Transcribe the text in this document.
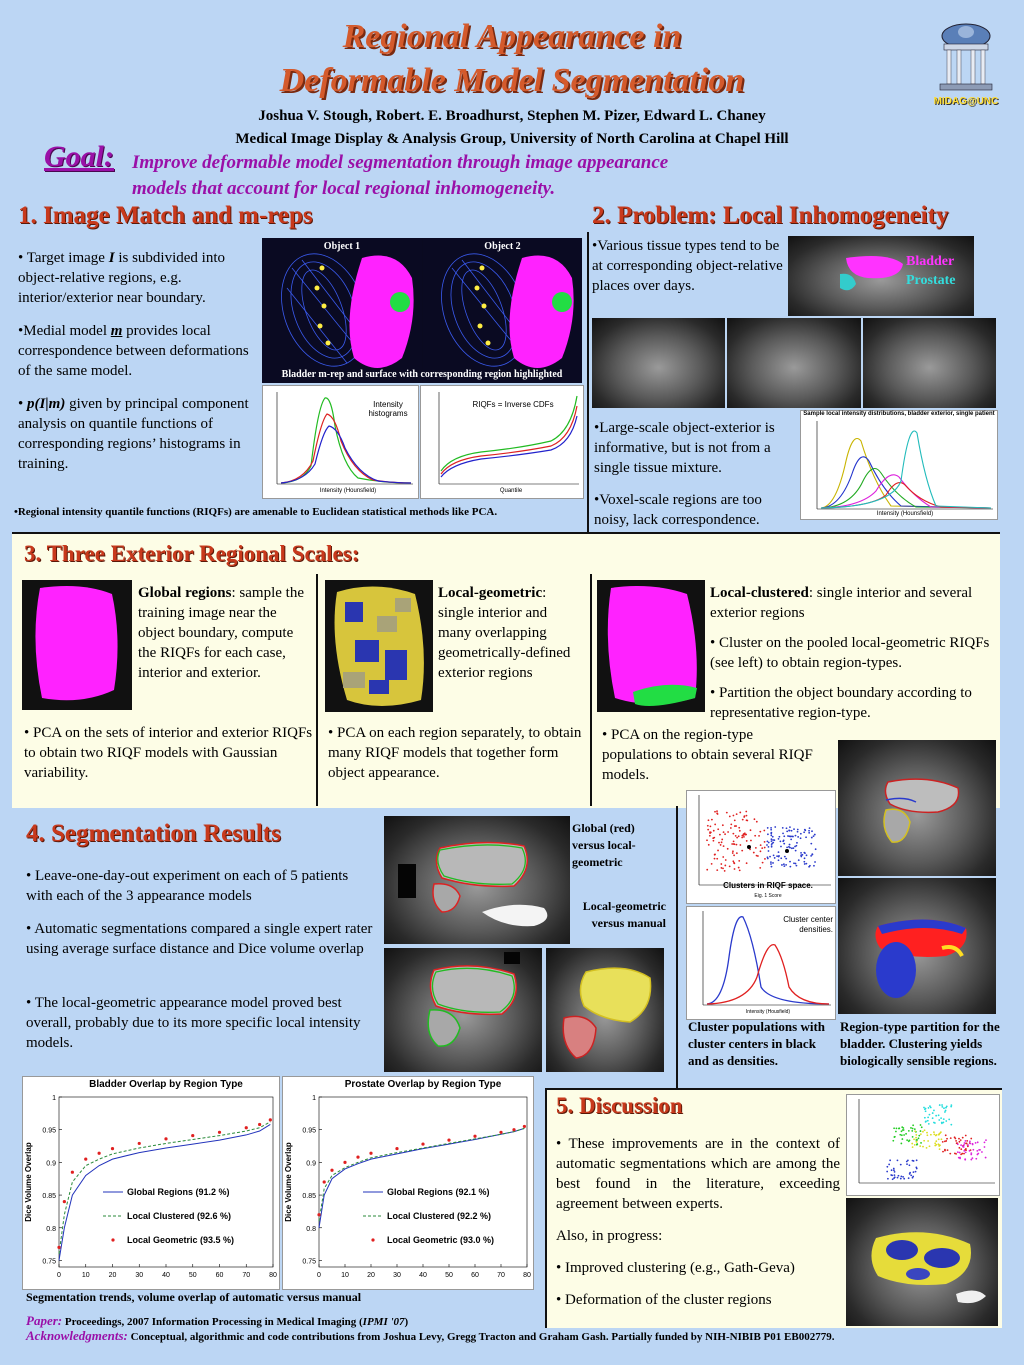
Regional Appearance in
Deformable Model Segmentation
Joshua V. Stough, Robert. E. Broadhurst, Stephen M. Pizer, Edward L. Chaney
Medical Image Display & Analysis Group, University of North Carolina at Chapel Hill
MIDAG@UNC
Goal: Improve deformable model segmentation through image appearance
models that account for local regional inhomogeneity.
1. Image Match and m-reps
• Target image I is subdivided into object-relative regions, e.g. interior/exterior near boundary.
•Medial model m provides local correspondence between deformations of the same model.
• p(I|m) given by principal component analysis on quantile functions of corresponding regions’ histograms in training.
Object 1	Object 2
Bladder m-rep and surface with corresponding region highlighted
Intensity histograms
Intensity (Hounsfield)
RIQFs = Inverse CDFs
Quantile
•Regional intensity quantile functions (RIQFs) are amenable to Euclidean statistical methods like PCA.
2. Problem: Local Inhomogeneity
•Various tissue types tend to be at corresponding object-relative places over days.
Bladder
Prostate
•Large-scale object-exterior is informative, but is not from a single tissue mixture.
•Voxel-scale regions are too noisy, lack correspondence.
Sample local intensity distributions, bladder exterior, single patient
Intensity (Hounsfield)
3. Three Exterior Regional Scales:
Global regions: sample the training image near the object boundary, compute the RIQFs for each case, interior and exterior.
• PCA on the sets of interior and exterior RIQFs to obtain two RIQF models with Gaussian variability.
Local-geometric: single interior and many overlapping geometrically-defined exterior regions
• PCA on each region separately, to obtain many RIQF models that together form object appearance.
Local-clustered: single interior and several exterior regions
• Cluster on the pooled local-geometric RIQFs (see left) to obtain region-types.
• Partition the object boundary according to representative region-type.
• PCA on the region-type populations to obtain several RIQF models.
4. Segmentation Results
• Leave-one-day-out experiment on each of 5 patients with each of the 3 appearance models
• Automatic segmentations compared a single expert rater using average surface distance and Dice volume overlap
• The local-geometric appearance model proved best overall, probably due to its more specific local intensity models.
Global (red) versus local-geometric
Local-geometric versus manual
Clusters in RIQF space.
Eig. 1 Score
Cluster center densities.
Intensity (Housfield)
Cluster populations with cluster centers in black and as densities.
Region-type partition for the bladder. Clustering yields biologically sensible regions.
Bladder Overlap by Region Type
Dice Volume Overlap
0.75
0.8
0.85
0.9
0.95
1
0	10	20	30	40	50	60	70	80
Global Regions (91.2 %)
Local Clustered (92.6 %)
Local Geometric (93.5 %)
Prostate Overlap by Region Type
Dice Volume Overlap
0.75
0.8
0.85
0.9
0.95
1
0	10	20	30	40	50	60	70	80
Global Regions (92.1 %)
Local Clustered (92.2 %)
Local Geometric (93.0 %)
Segmentation trends, volume overlap of automatic versus manual
5. Discussion
• These improvements are in the context of automatic segmentations which are among the best found in the literature, exceeding agreement between experts.
Also, in progress:
• Improved clustering (e.g., Gath-Geva)
• Deformation of the cluster regions
Paper: Proceedings, 2007 Information Processing in Medical Imaging (IPMI '07)
Acknowledgments: Conceptual, algorithmic and code contributions from Joshua Levy, Gregg Tracton and Graham Gash. Partially funded by NIH-NIBIB P01 EB002779.
